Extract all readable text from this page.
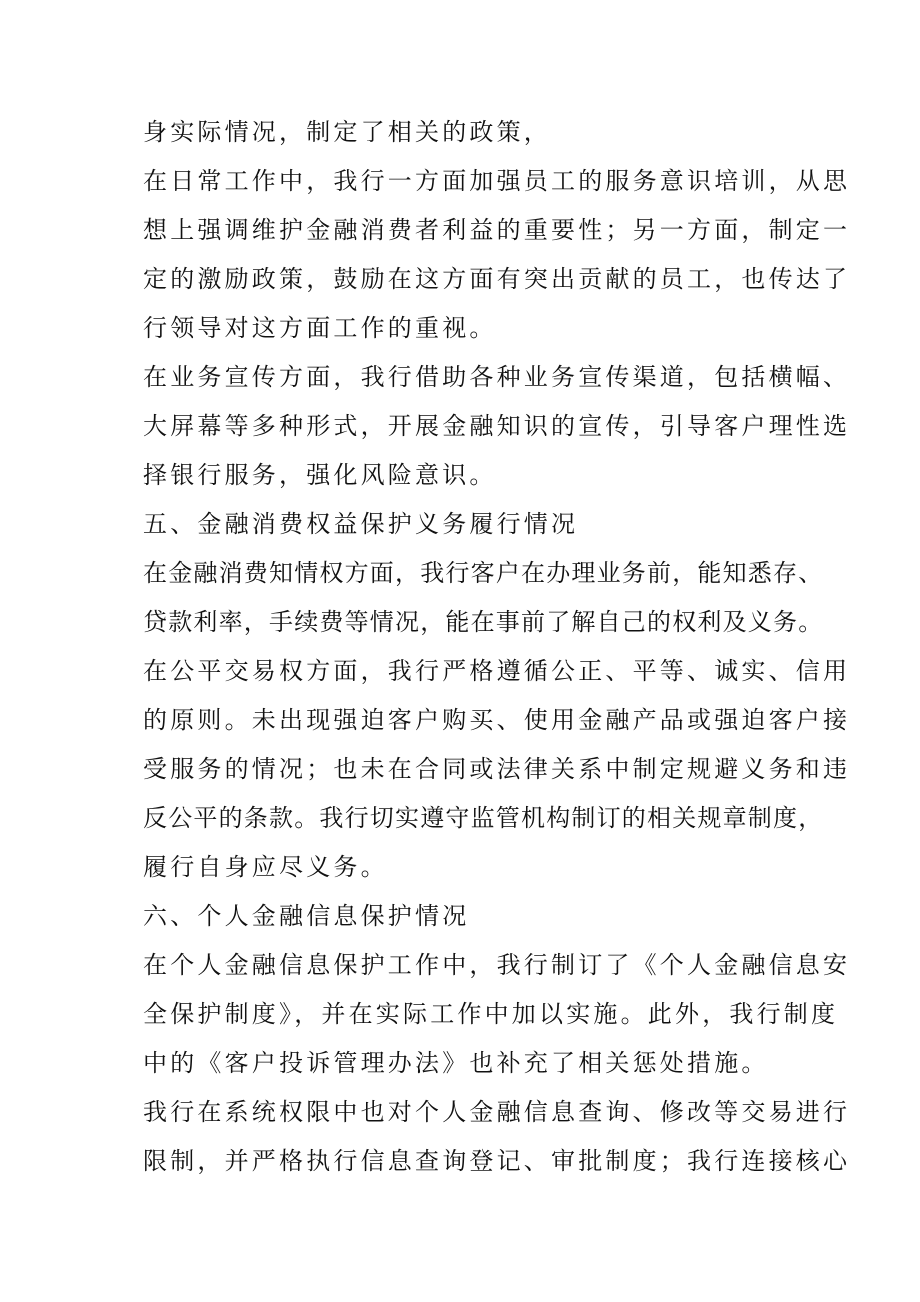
身实际情况，制定了相关的政策，
在日常工作中，我行一方面加强员工的服务意识培训，从思
想上强调维护金融消费者利益的重要性；另一方面，制定一
定的激励政策，鼓励在这方面有突出贡献的员工，也传达了
行领导对这方面工作的重视。
在业务宣传方面，我行借助各种业务宣传渠道，包括横幅、
大屏幕等多种形式，开展金融知识的宣传，引导客户理性选
择银行服务，强化风险意识。
五、金融消费权益保护义务履行情况
在金融消费知情权方面，我行客户在办理业务前，能知悉存、
贷款利率，手续费等情况，能在事前了解自己的权利及义务。
在公平交易权方面，我行严格遵循公正、平等、诚实、信用
的原则。未出现强迫客户购买、使用金融产品或强迫客户接
受服务的情况；也未在合同或法律关系中制定规避义务和违
反公平的条款。我行切实遵守监管机构制订的相关规章制度，
履行自身应尽义务。
六、个人金融信息保护情况
在个人金融信息保护工作中，我行制订了《个人金融信息安
全保护制度》，并在实际工作中加以实施。此外，我行制度
中的《客户投诉管理办法》也补充了相关惩处措施。
我行在系统权限中也对个人金融信息查询、修改等交易进行
限制，并严格执行信息查询登记、审批制度；我行连接核心
